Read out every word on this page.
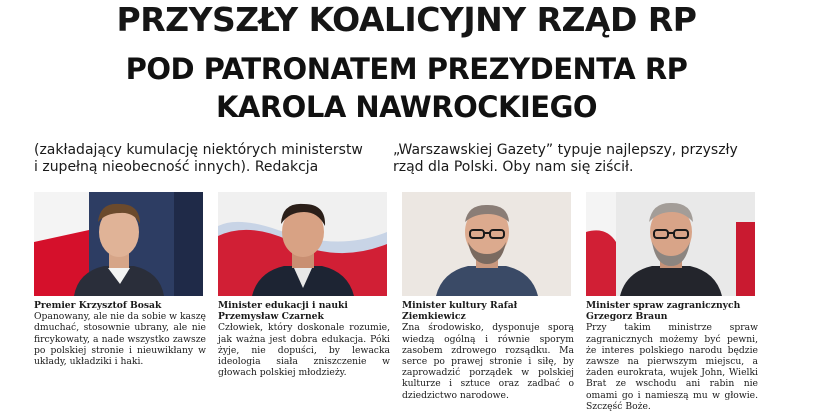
PRZYSZŁY KOALICYJNY RZĄD RP
POD PATRONATEM PREZYDENTA RP
KAROLA NAWROCKIEGO
(zakładający kumulację niektórych ministerstw i zupełną nieobecność innych). Redakcja
„Warszawskiej Gazety” typuje najlepszy, przyszły rząd dla Polski. Oby nam się ziścił.
Premier Krzysztof Bosak
Opanowany, ale nie da sobie w kaszę dmuchać, stosownie ubrany, ale nie fircykowaty, a nade wszystko zawsze po polskiej stronie i nieuwikłany w układy, układziki i haki.
Minister edukacji i nauki Przemysław Czarnek
Człowiek, który doskonale rozumie, jak ważna jest dobra edukacja. Póki żyje, nie dopuści, by lewacka ideologia siała zniszczenie w głowach polskiej młodzieży.
Minister kultury Rafał Ziemkiewicz
Zna środowisko, dysponuje sporą wiedzą ogólną i równie sporym zasobem zdrowego rozsądku. Ma serce po prawej stronie i siłę, by zaprowadzić porządek w polskiej kulturze i sztuce oraz zadbać o dziedzictwo narodowe.
Minister spraw zagranicznych Grzegorz Braun
Przy takim ministrze spraw zagranicznych możemy być pewni, że interes polskiego narodu będzie zawsze na pierwszym miejscu, a żaden eurokrata, wujek John, Wielki Brat ze wschodu ani rabin nie omami go i namieszą mu w głowie. Szczęść Boże.
